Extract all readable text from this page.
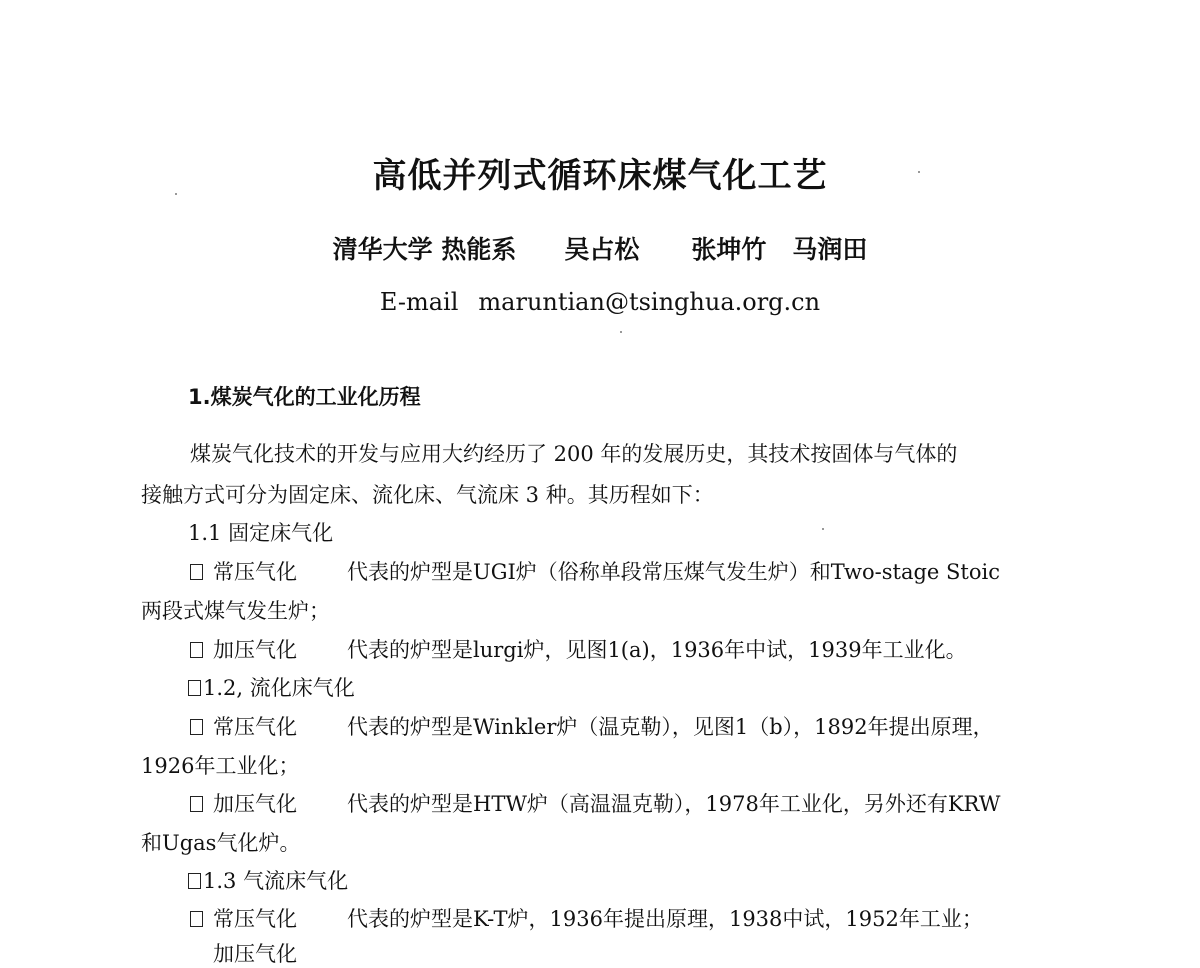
高低并列式循环床煤气化工艺
清华大学 热能系 吴占松 张坤竹 马润田
E-mail maruntian@tsinghua.org.cn
1.煤炭气化的工业化历程
煤炭气化技术的开发与应用大约经历了 200 年的发展历史，其技术按固体与气体的
接触方式可分为固定床、流化床、气流床 3 种。其历程如下：
1.1 固定床气化
常压气化 代表的炉型是UGI炉（俗称单段常压煤气发生炉）和Two-stage Stoic
两段式煤气发生炉；
加压气化 代表的炉型是lurgi炉，见图1(a)，1936年中试，1939年工业化。
1.2, 流化床气化
常压气化 代表的炉型是Winkler炉（温克勒），见图1（b），1892年提出原理，
1926年工业化；
加压气化 代表的炉型是HTW炉（高温温克勒），1978年工业化，另外还有KRW
和Ugas气化炉。
1.3 气流床气化
常压气化 代表的炉型是K-T炉，1936年提出原理，1938中试，1952年工业；
加压气化
